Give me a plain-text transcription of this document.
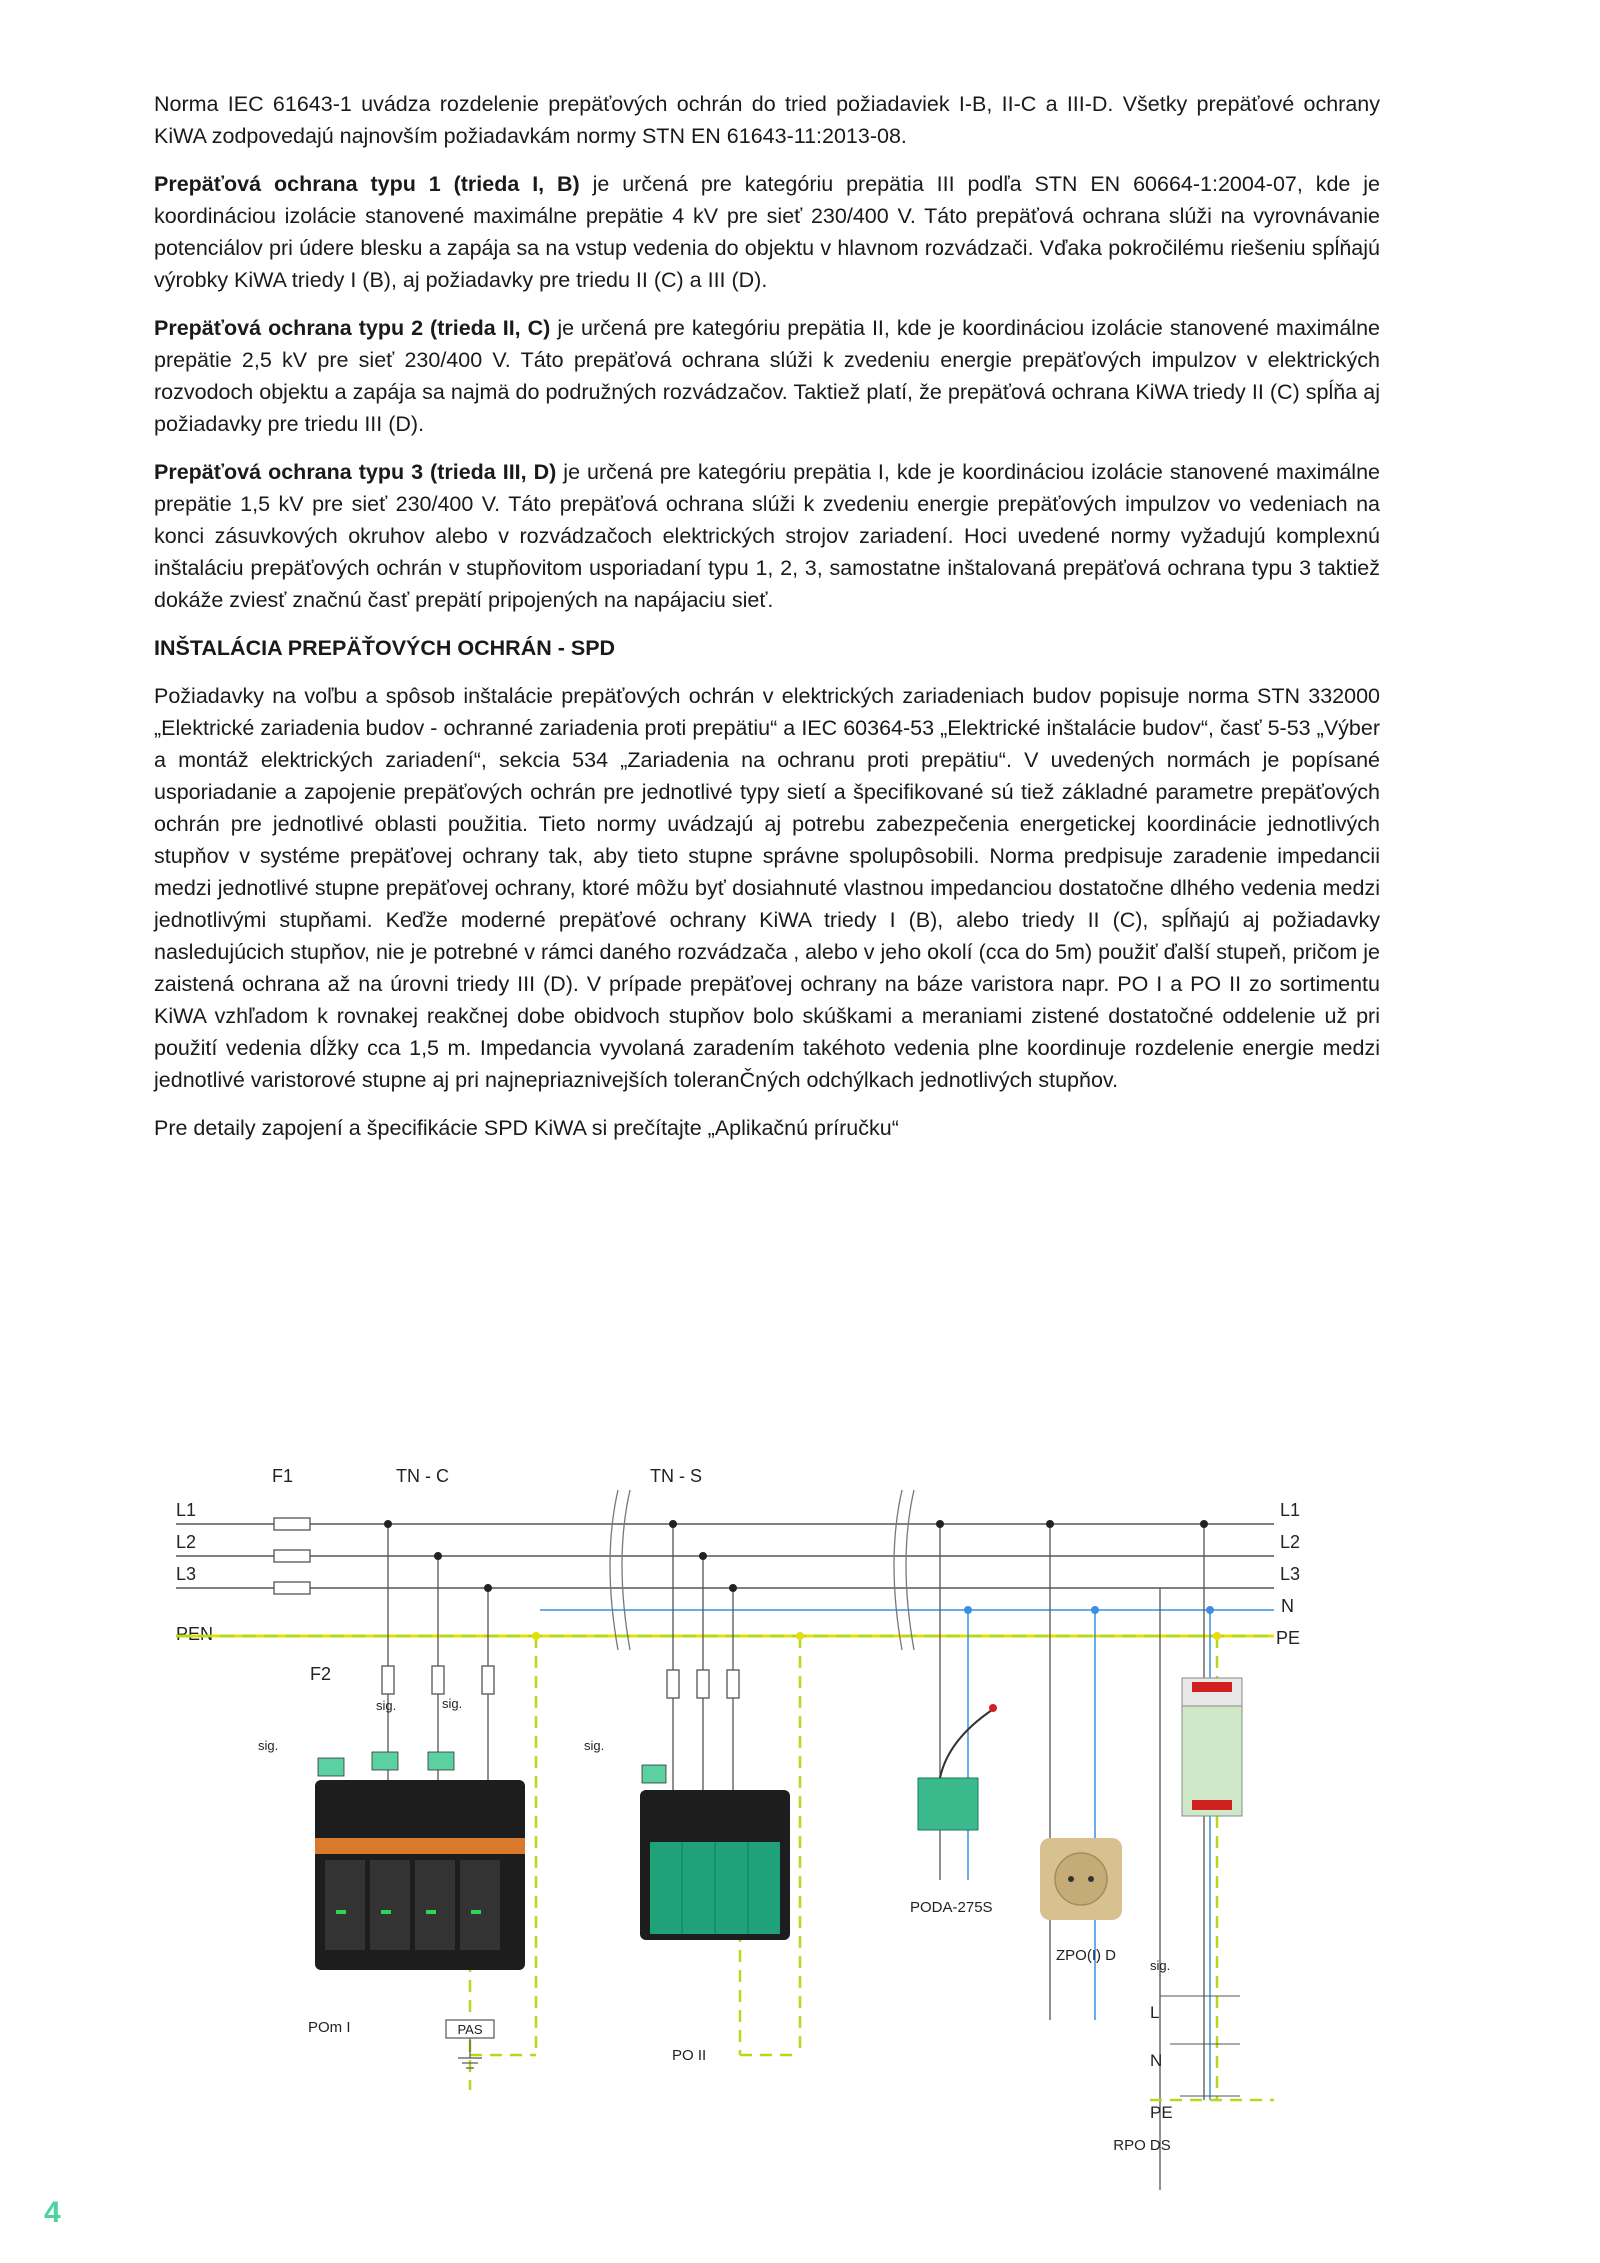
Norma IEC 61643-1 uvádza rozdelenie prepäťových ochrán do tried požiadaviek I-B, II-C a III-D. Všetky prepäťové ochrany KiWA zodpovedajú najnovším požiadavkám normy STN EN 61643-11:2013-08.

Prepäťová ochrana typu 1 (trieda I, B) je určená pre kategóriu prepätia III podľa STN EN 60664-1:2004-07, kde je koordináciou izolácie stanovené maximálne prepätie 4 kV pre sieť 230/400 V. Táto prepäťová ochrana slúži na vyrovnávanie potenciálov pri údere blesku a zapája sa na vstup vedenia do objektu v hlavnom rozvádzači. Vďaka pokročilému riešeniu spĺňajú výrobky KiWA triedy I (B), aj požiadavky pre triedu II (C) a III (D).

Prepäťová ochrana typu 2 (trieda II, C) je určená pre kategóriu prepätia II, kde je koordináciou izolácie stanovené maximálne prepätie 2,5 kV pre sieť 230/400 V. Táto prepäťová ochrana slúži k zvedeniu energie prepäťových impulzov v elektrických rozvodoch objektu a zapája sa najmä do podružných rozvádzačov. Taktiež platí, že prepäťová ochrana KiWA triedy II (C) spĺňa aj požiadavky pre triedu III (D).

Prepäťová ochrana typu 3 (trieda III, D) je určená pre kategóriu prepätia I, kde je koordináciou izolácie stanovené maximálne prepätie 1,5 kV pre sieť 230/400 V. Táto prepäťová ochrana slúži k zvedeniu energie prepäťových impulzov vo vedeniach na konci zásuvkových okruhov alebo v rozvádzačoch elektrických strojov zariadení. Hoci uvedené normy vyžadujú komplexnú inštaláciu prepäťových ochrán v stupňovitom usporiadaní typu 1, 2, 3, samostatne inštalovaná prepäťová ochrana typu 3 taktiež dokáže zviesť značnú časť prepätí pripojených na napájaciu sieť.

INŠTALÁCIA PREPÄŤOVÝCH OCHRÁN - SPD

Požiadavky na voľbu a spôsob inštalácie prepäťových ochrán v elektrických zariadeniach budov popisuje norma STN 332000 „Elektrické zariadenia budov - ochranné zariadenia proti prepätiu“ a IEC 60364-53 „Elektrické inštalácie budov“, časť 5-53 „Výber a montáž elektrických zariadení“, sekcia 534 „Zariadenia na ochranu proti prepätiu“. V uvedených normách je popísané usporiadanie a zapojenie prepäťových ochrán pre jednotlivé typy sietí a špecifikované sú tiež základné parametre prepäťových ochrán pre jednotlivé oblasti použitia. Tieto normy uvádzajú aj potrebu zabezpečenia energetickej koordinácie jednotlivých stupňov v systéme prepäťovej ochrany tak, aby tieto stupne správne spolupôsobili. Norma predpisuje zaradenie impedancii medzi jednotlivé stupne prepäťovej ochrany, ktoré môžu byť dosiahnuté vlastnou impedanciou dostatočne dlhého vedenia medzi jednotlivými stupňami. Keďže moderné prepäťové ochrany KiWA triedy I (B), alebo triedy II (C), spĺňajú aj požiadavky nasledujúcich stupňov, nie je potrebné v rámci daného rozvádzača , alebo v jeho okolí (cca do 5m) použiť ďalší stupeň, pričom je zaistená ochrana až na úrovni triedy III (D). V prípade prepäťovej ochrany na báze varistora napr. PO I a PO II zo sortimentu KiWA vzhľadom k rovnakej reakčnej dobe obidvoch stupňov bolo skúškami a meraniami zistené dostatočné oddelenie už pri použití vedenia dĺžky cca 1,5 m. Impedancia vyvolaná zaradením takéhoto vedenia plne koordinuje rozdelenie energie medzi jednotlivé varistorové stupne aj pri najnepriaznivejších toleranČných odchýlkach jednotlivých stupňov.

Pre detaily zapojení a špecifikácie SPD KiWA si prečítajte „Aplikačnú príručku“

F1	TN - C	TN - S
L1
L2
L3
PEN
L1
L2
L3
N
PE
F2
sig.
sig.	sig.
sig.
sig.
POm I	PAS
PO II
PODA-275S
ZPO(I) D
L
N
PE
RPO DS
4
